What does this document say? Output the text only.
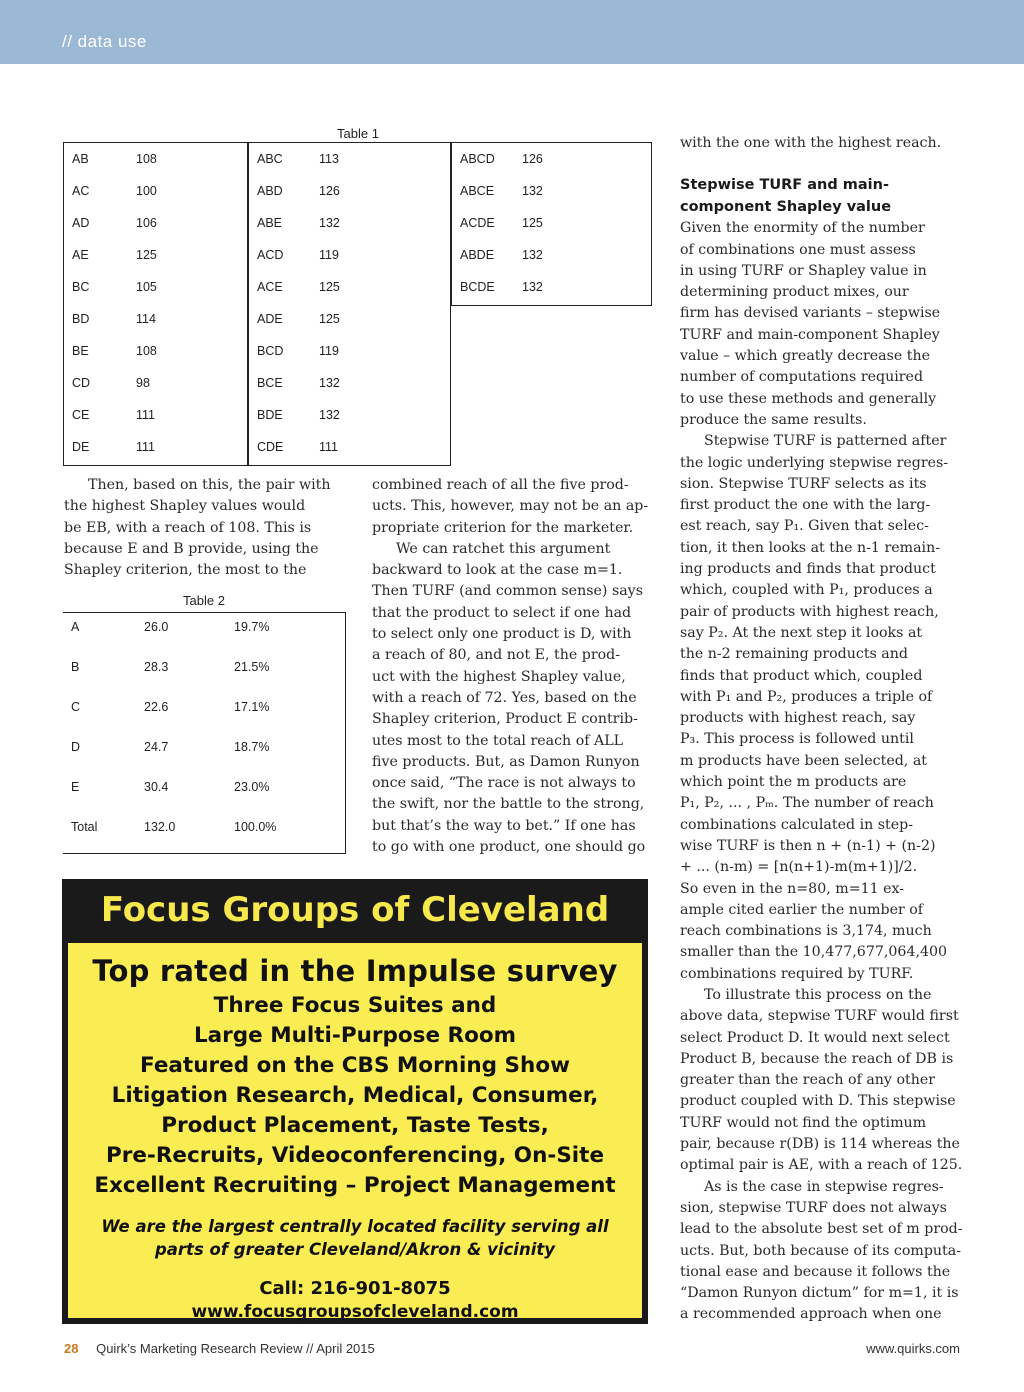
// data use
Table 1
AB	108
AC	100
AD	106
AE	125
BC	105
BD	114
BE	108
CD	98
CE	111
DE	111
ABC	113
ABD	126
ABE	132
ACD	119
ACE	125
ADE	125
BCD	119
BCE	132
BDE	132
CDE	111
ABCD 126
ABCE 132
ACDE 125
ABDE 132
BCDE 132
Table 2
A	26.0	19.7%
B	28.3	21.5%
C	22.6	17.1%
D	24.7	18.7%
E	30.4	23.0%
Total	132.0	100.0%

Then, based on this, the pair with

the highest Shapley values would

be EB, with a reach of 108. This is

because E and B provide, using the

Shapley criterion, the most to the

combined reach of all the five prod-

ucts. This, however, may not be an ap-

propriate criterion for the marketer.

We can ratchet this argument

backward to look at the case m=1.

Then TURF (and common sense) says

that the product to select if one had

to select only one product is D, with

a reach of 80, and not E, the prod-

uct with the highest Shapley value,

with a reach of 72. Yes, based on the

Shapley criterion, Product E contrib-

utes most to the total reach of ALL

five products. But, as Damon Runyon

once said, “The race is not always to

the swift, nor the battle to the strong,

but that’s the way to bet.” If one has

to go with one product, one should go

with the one with the highest reach.

Stepwise TURF and main-

component Shapley value

Given the enormity of the number

of combinations one must assess

in using TURF or Shapley value in

determining product mixes, our

firm has devised variants – stepwise

TURF and main-component Shapley

value – which greatly decrease the

number of computations required

to use these methods and generally

produce the same results.

Stepwise TURF is patterned after

the logic underlying stepwise regres-

sion. Stepwise TURF selects as its

first product the one with the larg-

est reach, say P₁. Given that selec-

tion, it then looks at the n-1 remain-

ing products and finds that product

which, coupled with P₁, produces a

pair of products with highest reach,

say P₂. At the next step it looks at

the n-2 remaining products and

finds that product which, coupled

with P₁ and P₂, produces a triple of

products with highest reach, say

P₃. This process is followed until

m products have been selected, at

which point the m products are

P₁, P₂, ... , Pₘ. The number of reach

combinations calculated in step-

wise TURF is then n + (n-1) + (n-2)

+ ... (n-m) = [n(n+1)-m(m+1)]/2.

So even in the n=80, m=11 ex-

ample cited earlier the number of

reach combinations is 3,174, much

smaller than the 10,477,677,064,400

combinations required by TURF.

To illustrate this process on the

above data, stepwise TURF would first

select Product D. It would next select

Product B, because the reach of DB is

greater than the reach of any other

product coupled with D. This stepwise

TURF would not find the optimum

pair, because r(DB) is 114 whereas the

optimal pair is AE, with a reach of 125.

As is the case in stepwise regres-

sion, stepwise TURF does not always

lead to the absolute best set of m prod-

ucts. But, both because of its computa-

tional ease and because it follows the

“Damon Runyon dictum” for m=1, it is

a recommended approach when one

Focus Groups of Cleveland
Top rated in the Impulse survey
Three Focus Suites and
Large Multi-Purpose Room
Featured on the CBS Morning Show
Litigation Research, Medical, Consumer,
Product Placement, Taste Tests,
Pre-Recruits, Videoconferencing, On-Site
Excellent Recruiting – Project Management
We are the largest centrally located facility serving all
parts of greater Cleveland/Akron & vicinity
Call: 216-901-8075
www.focusgroupsofcleveland.com
28 Quirk’s Marketing Research Review // April 2015	www.quirks.com
